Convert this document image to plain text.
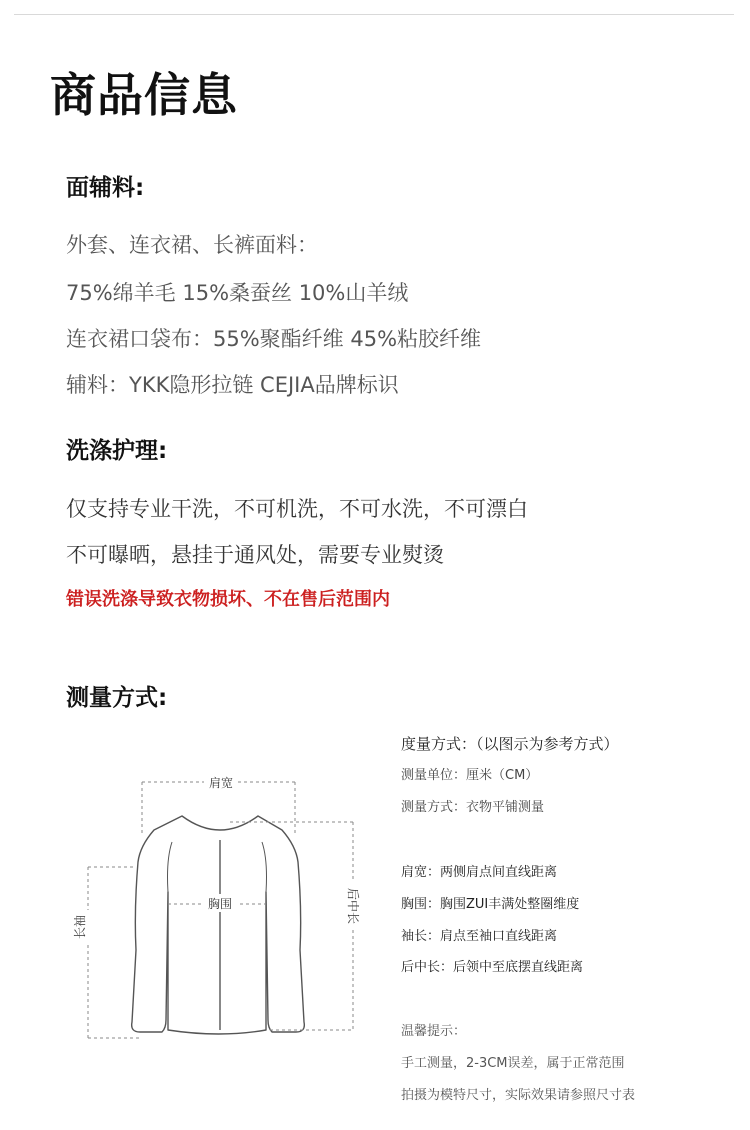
商品信息
面辅料:
外套、连衣裙、长裤面料：
75%绵羊毛 15%桑蚕丝 10%山羊绒
连衣裙口袋布：55%聚酯纤维 45%粘胶纤维
辅料：YKK隐形拉链 CEJIA品牌标识
洗涤护理:
仅支持专业干洗，不可机洗，不可水洗，不可漂白
不可曝晒，悬挂于通风处，需要专业熨烫
错误洗涤导致衣物损坏、不在售后范围内
测量方式:
肩宽
胸围
长袖
后中长
度量方式：（以图示为参考方式）
测量单位：厘米（CM）
测量方式：衣物平铺测量
肩宽：两侧肩点间直线距离
胸围：胸围ZUI丰满处整圈维度
袖长：肩点至袖口直线距离
后中长：后领中至底摆直线距离
温馨提示：
手工测量，2-3CM误差，属于正常范围
拍摄为模特尺寸，实际效果请参照尺寸表
